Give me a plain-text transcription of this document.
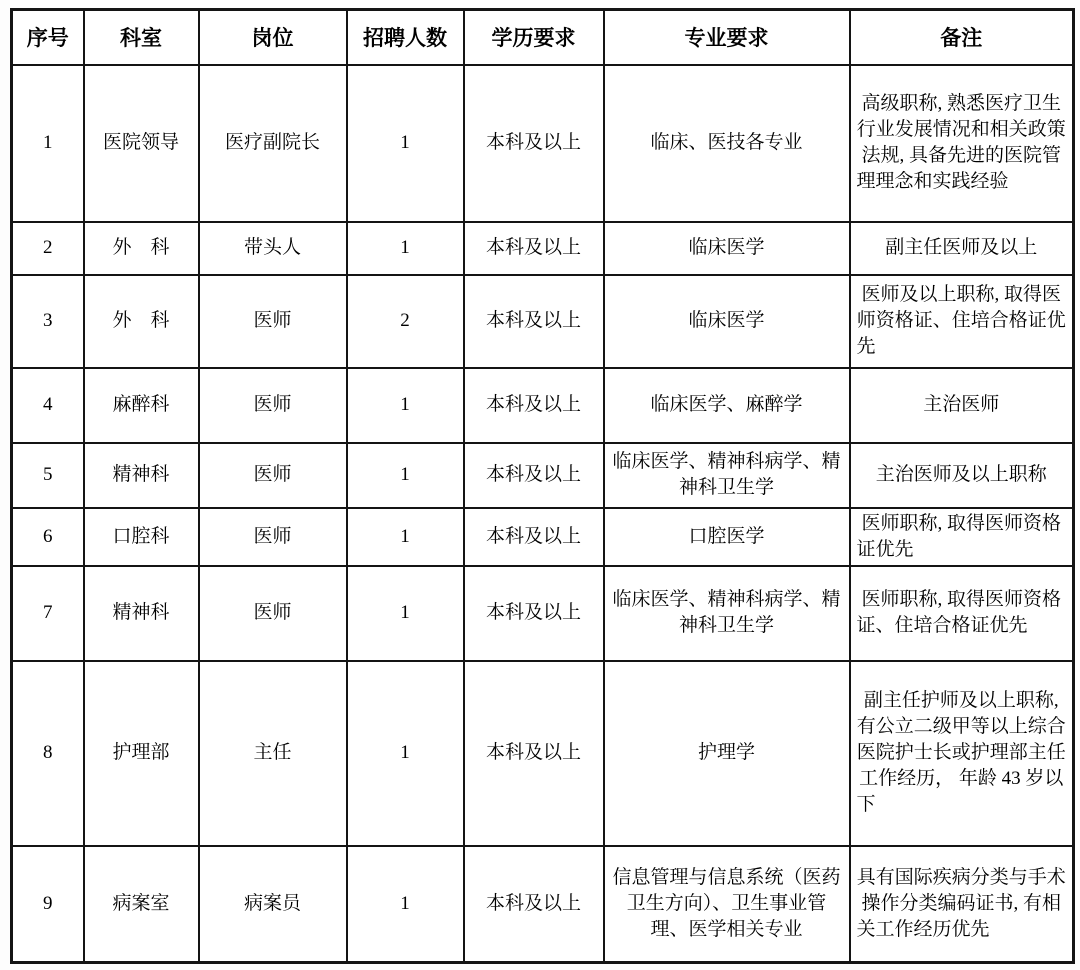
序号	科室	岗位	招聘人数	学历要求	专业要求	备注
1	医院领导	医疗副院长	1	本科及以上	临床、医技各专业	高级职称, 熟悉医疗卫生行业发展情况和相关政策法规, 具备先进的医院管理理念和实践经验
2	外　科	带头人	1	本科及以上	临床医学	副主任医师及以上
3	外　科	医师	2	本科及以上	临床医学	医师及以上职称, 取得医师资格证、住培合格证优先
4	麻醉科	医师	1	本科及以上	临床医学、麻醉学	主治医师
5	精神科	医师	1	本科及以上	临床医学、精神科病学、精神科卫生学	主治医师及以上职称
6	口腔科	医师	1	本科及以上	口腔医学	医师职称, 取得医师资格证优先
7	精神科	医师	1	本科及以上	临床医学、精神科病学、精神科卫生学	医师职称, 取得医师资格证、住培合格证优先
8	护理部	主任	1	本科及以上	护理学	副主任护师及以上职称, 有公立二级甲等以上综合医院护士长或护理部主任工作经历， 年龄 43 岁以下
9	病案室	病案员	1	本科及以上	信息管理与信息系统（医药卫生方向）、卫生事业管理、医学相关专业	具有国际疾病分类与手术操作分类编码证书, 有相关工作经历优先
